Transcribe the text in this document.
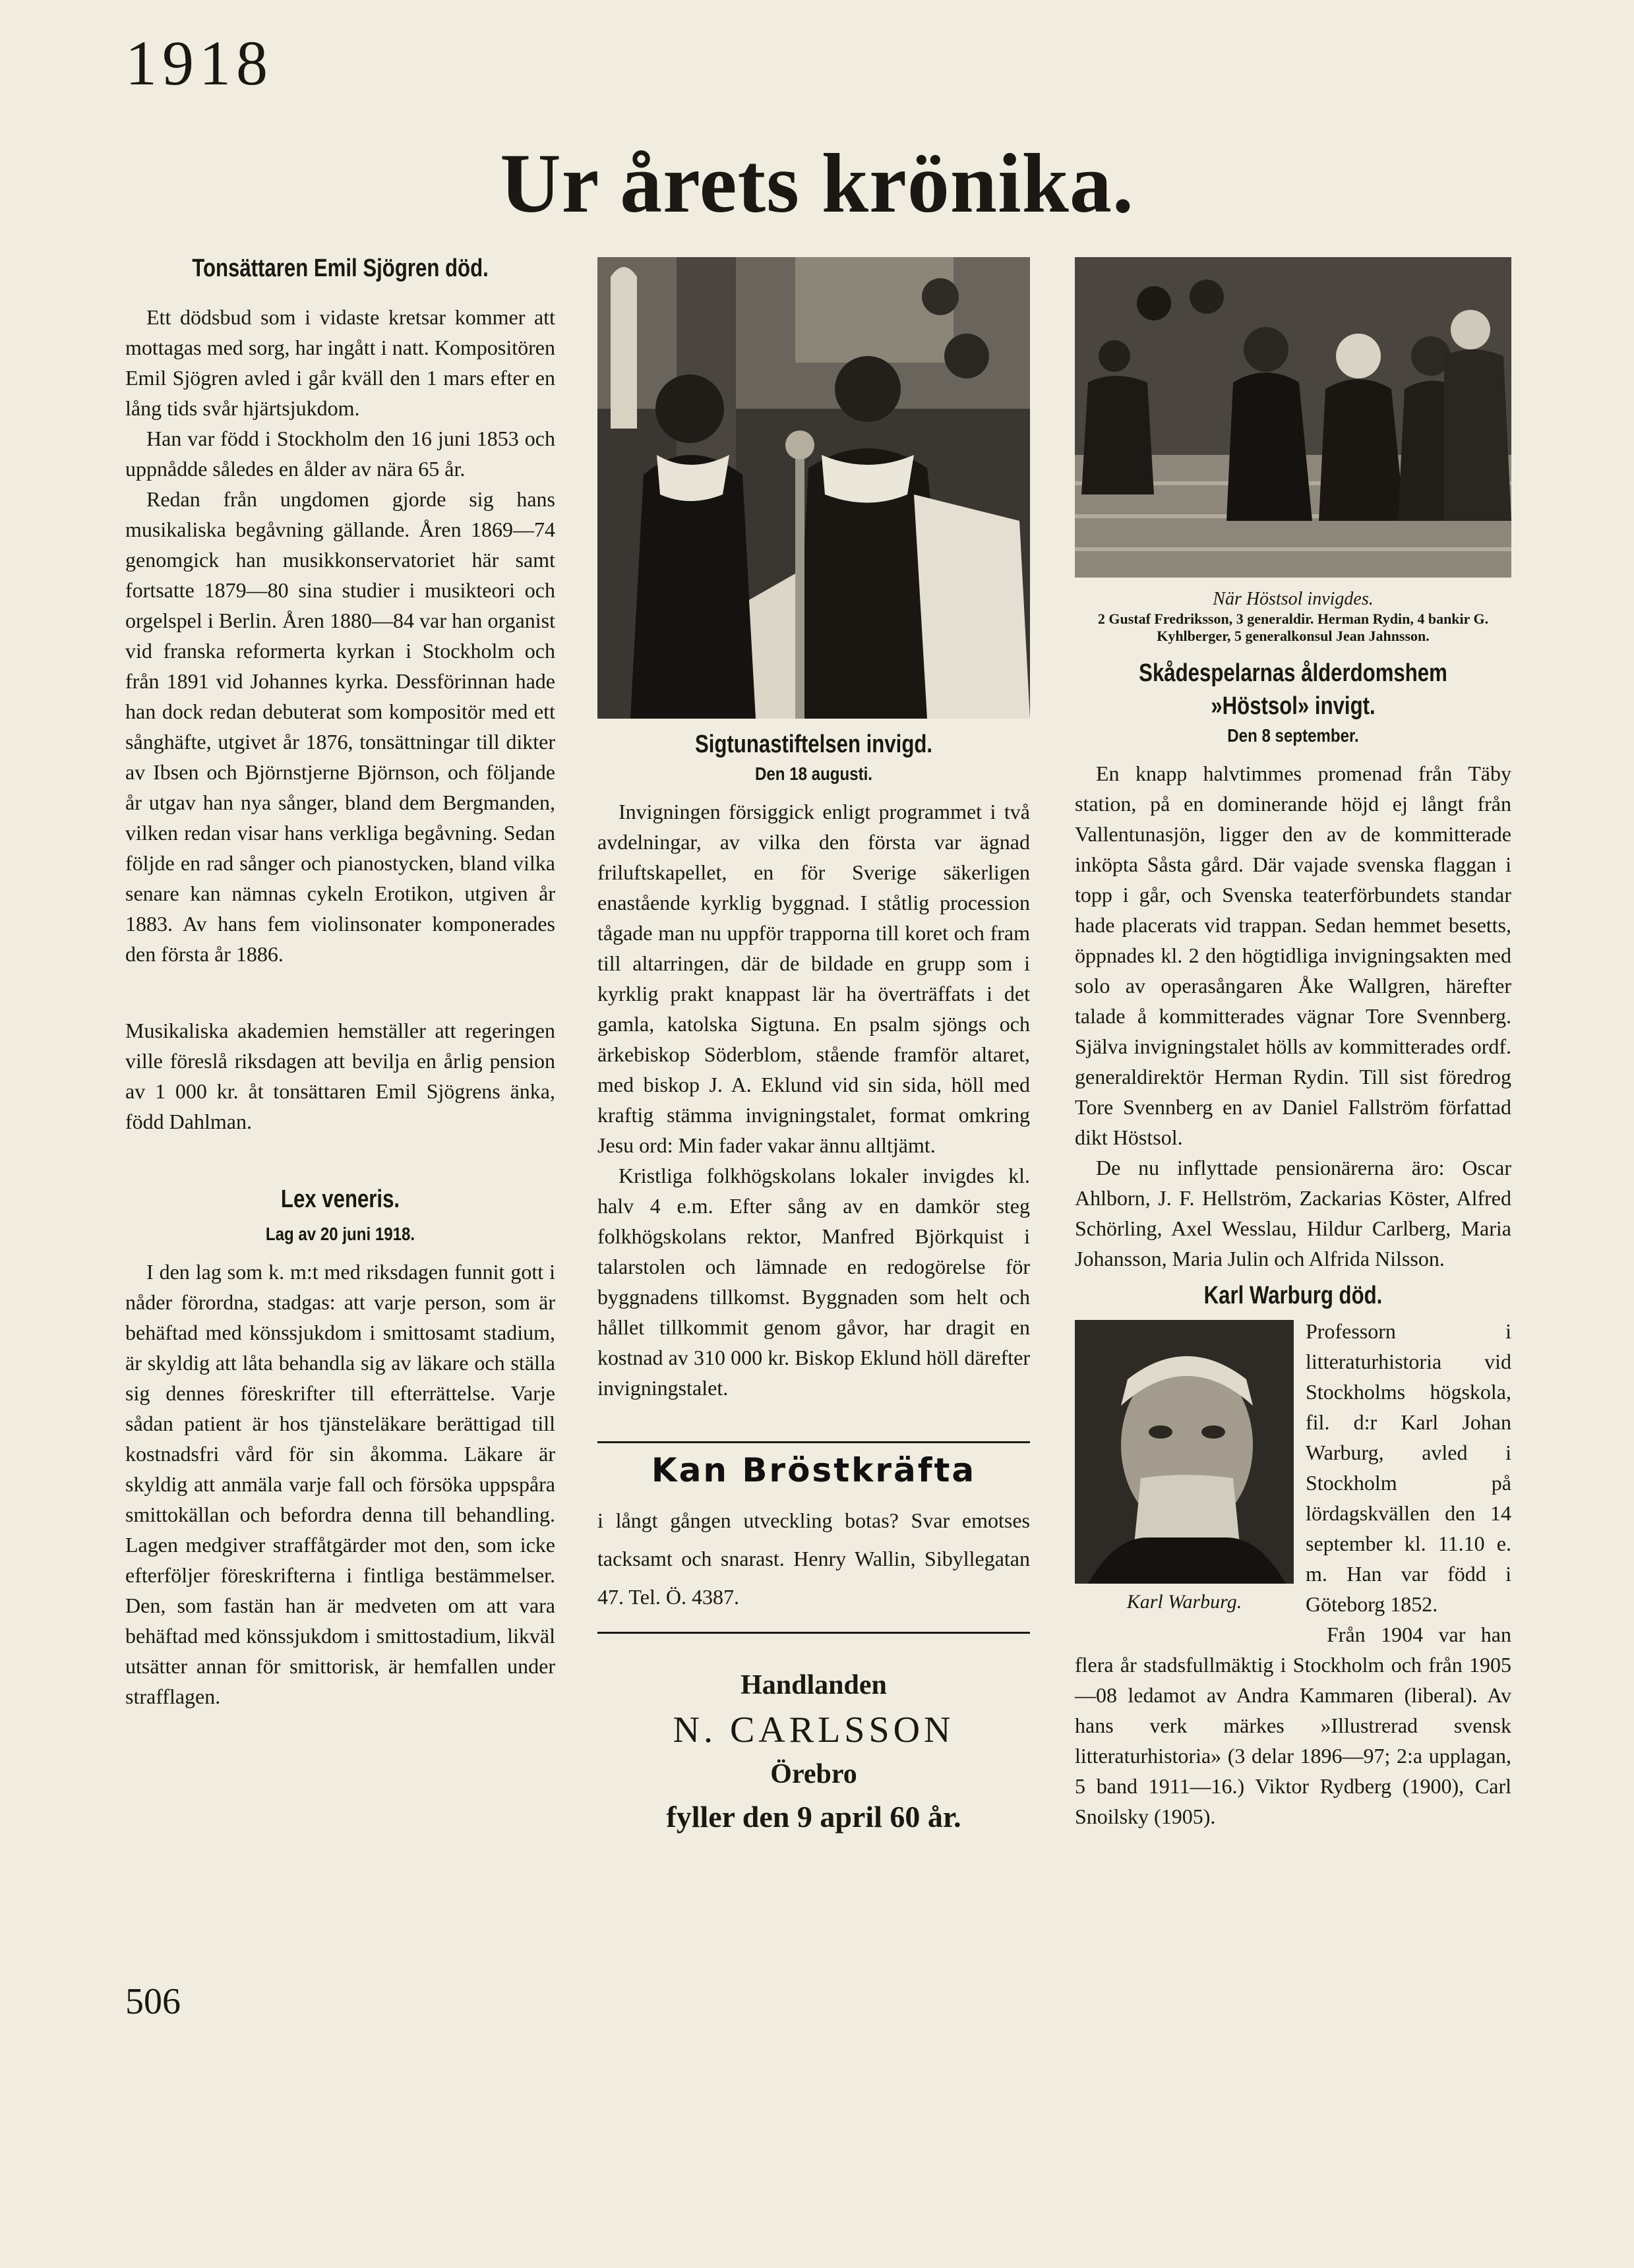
1918
Ur årets krönika.
Tonsättaren Emil Sjögren död.

Ett dödsbud som i vidaste kretsar kommer att mottagas med sorg, har ingått i natt. Kompositören Emil Sjögren avled i går kväll den 1 mars efter en lång tids svår hjärtsjukdom.

Han var född i Stockholm den 16 juni 1853 och uppnådde således en ålder av nära 65 år.

Redan från ungdomen gjorde sig hans musikaliska begåvning gällande. Åren 1869—74 genomgick han musikkonservatoriet här samt fortsatte 1879—80 sina studier i musikteori och orgelspel i Berlin. Åren 1880—84 var han organist vid franska reformerta kyrkan i Stockholm och från 1891 vid Johannes kyrka. Dessförinnan hade han dock redan debuterat som kompositör med ett sånghäfte, utgivet år 1876, tonsättningar till dikter av Ibsen och Björnstjerne Björnson, och följande år utgav han nya sånger, bland dem Bergmanden, vilken redan visar hans verkliga begåvning. Sedan följde en rad sånger och pianostycken, bland vilka senare kan nämnas cykeln Erotikon, utgiven år 1883. Av hans fem violinsonater komponerades den första år 1886.

Musikaliska akademien hemställer att regeringen ville föreslå riksdagen att bevilja en årlig pension av 1 000 kr. åt tonsättaren Emil Sjögrens änka, född Dahlman.

Lex veneris.
Lag av 20 juni 1918.

I den lag som k. m:t med riksdagen funnit gott i nåder förordna, stadgas: att varje person, som är behäftad med könssjukdom i smittosamt stadium, är skyldig att låta behandla sig av läkare och ställa sig dennes föreskrifter till efterrättelse. Varje sådan patient är hos tjänsteläkare berättigad till kostnadsfri vård för sin åkomma. Läkare är skyldig att anmäla varje fall och försöka uppspåra smittokällan och befordra denna till behandling. Lagen medgiver straffåtgärder mot den, som icke efterföljer föreskrifterna i fintliga bestämmelser. Den, som fastän han är medveten om att vara behäftad med könssjukdom i smittostadium, likväl utsätter annan för smittorisk, är hemfallen under strafflagen.

Sigtunastiftelsen invigd.
Den 18 augusti.

Invigningen försiggick enligt programmet i två avdelningar, av vilka den första var ägnad friluftskapellet, en för Sverige säkerligen enastående kyrklig byggnad. I ståtlig procession tågade man nu uppför trapporna till koret och fram till altarringen, där de bildade en grupp som i kyrklig prakt knappast lär ha överträffats i det gamla, katolska Sigtuna. En psalm sjöngs och ärkebiskop Söderblom, stående framför altaret, med biskop J. A. Eklund vid sin sida, höll med kraftig stämma invigningstalet, format omkring Jesu ord: Min fader vakar ännu alltjämt.

Kristliga folkhögskolans lokaler invigdes kl. halv 4 e.m. Efter sång av en damkör steg folkhögskolans rektor, Manfred Björkquist i talarstolen och lämnade en redogörelse för byggnadens tillkomst. Byggnaden som helt och hållet tillkommit genom gåvor, har dragit en kostnad av 310 000 kr. Biskop Eklund höll därefter invigningstalet.

Kan Bröstkräfta
i långt gången utveckling botas? Svar emotses tacksamt och snarast. Henry Wallin, Sibyllegatan 47. Tel. Ö. 4387.
Handlanden
N. CARLSSON
Örebro
fyller den 9 april 60 år.
När Höstsol invigdes.
2 Gustaf Fredriksson, 3 generaldir. Herman Rydin, 4 bankir G. Kyhlberger, 5 generalkonsul Jean Jahnsson.
Skådespelarnas ålderdomshem
»Höstsol» invigt.
Den 8 september.

En knapp halvtimmes promenad från Täby station, på en dominerande höjd ej långt från Vallentunasjön, ligger den av de kommitterade inköpta Såsta gård. Där vajade svenska flaggan i topp i går, och Svenska teaterförbundets standar hade placerats vid trappan. Sedan hemmet besetts, öppnades kl. 2 den högtidliga invigningsakten med solo av operasångaren Åke Wallgren, härefter talade å kommitterades vägnar Tore Svennberg. Själva invigningstalet hölls av kommitterades ordf. generaldirektör Herman Rydin. Till sist föredrog Tore Svennberg en av Daniel Fallström författad dikt Höstsol.

De nu inflyttade pensionärerna äro: Oscar Ahlborn, J. F. Hellström, Zackarias Köster, Alfred Schörling, Axel Wesslau, Hildur Carlberg, Maria Johansson, Maria Julin och Alfrida Nilsson.

Karl Warburg död.
Karl Warburg.

Professorn i litteraturhistoria vid Stockholms högskola, fil. d:r Karl Johan Warburg, avled i Stockholm på lördagskvällen den 14 september kl. 11.10 e. m. Han var född i Göteborg 1852.

Från 1904 var han flera år stadsfullmäktig i Stockholm och från 1905—08 ledamot av Andra Kammaren (liberal). Av hans verk märkes »Illustrerad svensk litteraturhistoria» (3 delar 1896—97; 2:a upplagan, 5 band 1911—16.) Viktor Rydberg (1900), Carl Snoilsky (1905).

506
